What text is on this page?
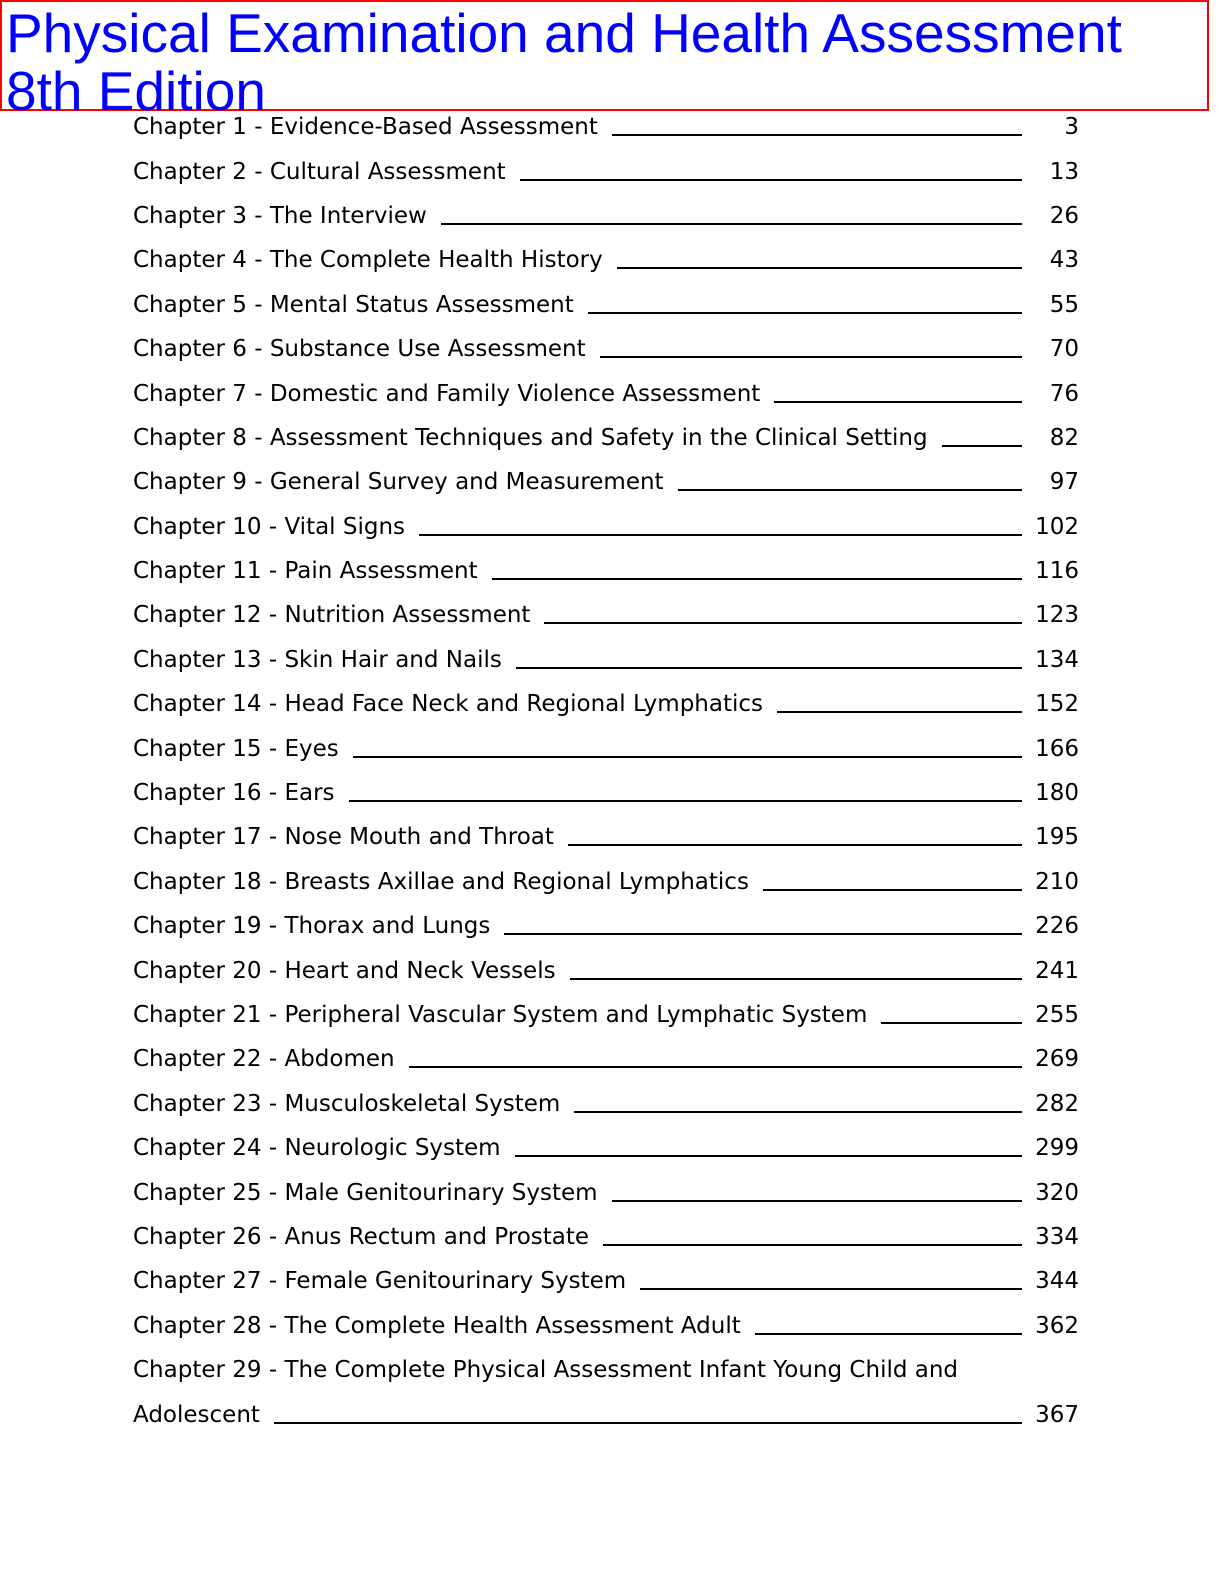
Physical Examination and Health Assessment
8th Edition
Chapter 1 - Evidence-Based Assessment	3
Chapter 2 - Cultural Assessment	13
Chapter 3 - The Interview	26
Chapter 4 - The Complete Health History	43
Chapter 5 - Mental Status Assessment	55
Chapter 6 - Substance Use Assessment	70
Chapter 7 - Domestic and Family Violence Assessment	76
Chapter 8 - Assessment Techniques and Safety in the Clinical Setting	82
Chapter 9 - General Survey and Measurement	97
Chapter 10 - Vital Signs	102
Chapter 11 - Pain Assessment	116
Chapter 12 - Nutrition Assessment	123
Chapter 13 - Skin Hair and Nails	134
Chapter 14 - Head Face Neck and Regional Lymphatics	152
Chapter 15 - Eyes	166
Chapter 16 - Ears	180
Chapter 17 - Nose Mouth and Throat	195
Chapter 18 - Breasts Axillae and Regional Lymphatics	210
Chapter 19 - Thorax and Lungs	226
Chapter 20 - Heart and Neck Vessels	241
Chapter 21 - Peripheral Vascular System and Lymphatic System	255
Chapter 22 - Abdomen	269
Chapter 23 - Musculoskeletal System	282
Chapter 24 - Neurologic System	299
Chapter 25 - Male Genitourinary System	320
Chapter 26 - Anus Rectum and Prostate	334
Chapter 27 - Female Genitourinary System	344
Chapter 28 - The Complete Health Assessment Adult	362
Chapter 29 - The Complete Physical Assessment Infant Young Child and
Adolescent	367
